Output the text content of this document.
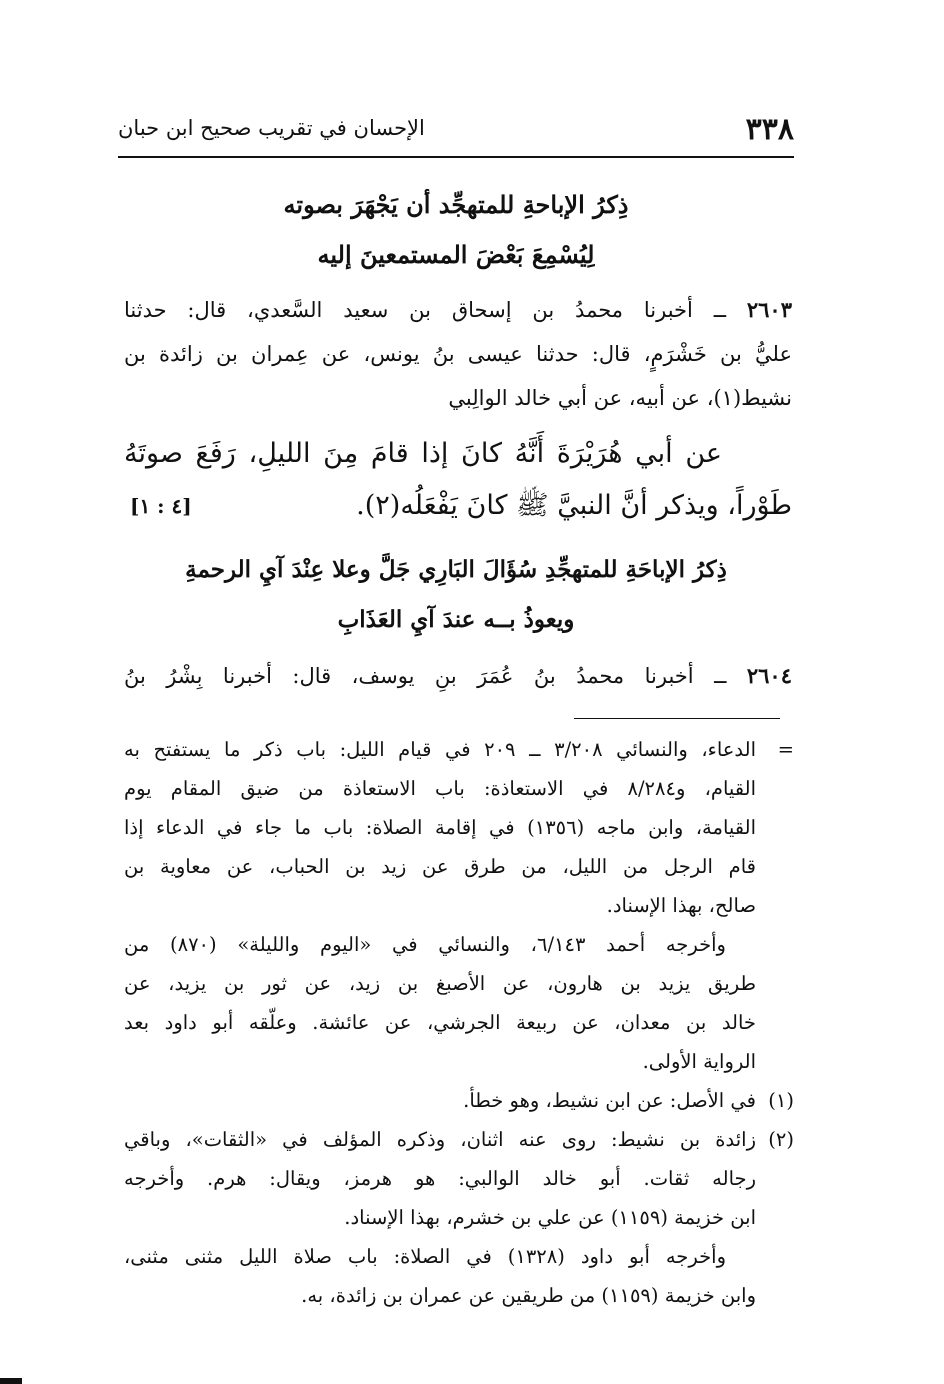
٣٣٨
الإحسان في تقريب صحيح ابن حبان
ذِكرُ الإباحةِ للمتهجِّد أن يَجْهَرَ بصوته
لِيُسْمِعَ بَعْضَ المستمعينَ إليه
٢٦٠٣ ــ أخبرنا محمدُ بن إسحاق بن سعيد السَّعدي، قال: حدثنا
عليُّ بن خَشْرَمٍ، قال: حدثنا عيسى بنُ يونس، عن عِمران بن زائدة بن
نشيط(١)، عن أبيه، عن أبي خالد الوالِبي
عن أبي هُرَيْرَةَ أَنَّهُ كانَ إذا قامَ مِنَ الليلِ، رَفَعَ صوتَهُ
طَوْراً، ويذكر أنَّ النبيَّ ﷺ كانَ يَفْعَلُه(٢).
[٤ : ١]
ذِكرُ الإباحَةِ للمتهجِّدِ سُؤَالَ البَارِي جَلَّ وعلا عِنْدَ آيِ الرحمةِ
ويعوذُ بــه عندَ آيِ العَذَابِ
٢٦٠٤ ــ أخبرنا محمدُ بنُ عُمَرَ بنِ يوسف، قال: أخبرنا بِشْرُ بنُ
=
الدعاء، والنسائي ٣/٢٠٨ ــ ٢٠٩ في قيام الليل: باب ذكر ما يستفتح به
القيام، و٨/٢٨٤ في الاستعاذة: باب الاستعاذة من ضيق المقام يوم
القيامة، وابن ماجه (١٣٥٦) في إقامة الصلاة: باب ما جاء في الدعاء إذا
قام الرجل من الليل، من طرق عن زيد بن الحباب، عن معاوية بن
صالح، بهذا الإسناد.
وأخرجه أحمد ٦/١٤٣، والنسائي في «اليوم والليلة» (٨٧٠) من
طريق يزيد بن هارون، عن الأصبغ بن زيد، عن ثور بن يزيد، عن
خالد بن معدان، عن ربيعة الجرشي، عن عائشة. وعلّقه أبو داود بعد
الرواية الأولى.
(١)
في الأصل: عن ابن نشيط، وهو خطأ.
(٢)
زائدة بن نشيط: روى عنه اثنان، وذكره المؤلف في «الثقات»، وباقي
رجاله ثقات. أبو خالد الوالبي: هو هرمز، ويقال: هرم. وأخرجه
ابن خزيمة (١١٥٩) عن علي بن خشرم، بهذا الإسناد.
وأخرجه أبو داود (١٣٢٨) في الصلاة: باب صلاة الليل مثنى مثنى،
وابن خزيمة (١١٥٩) من طريقين عن عمران بن زائدة، به.
